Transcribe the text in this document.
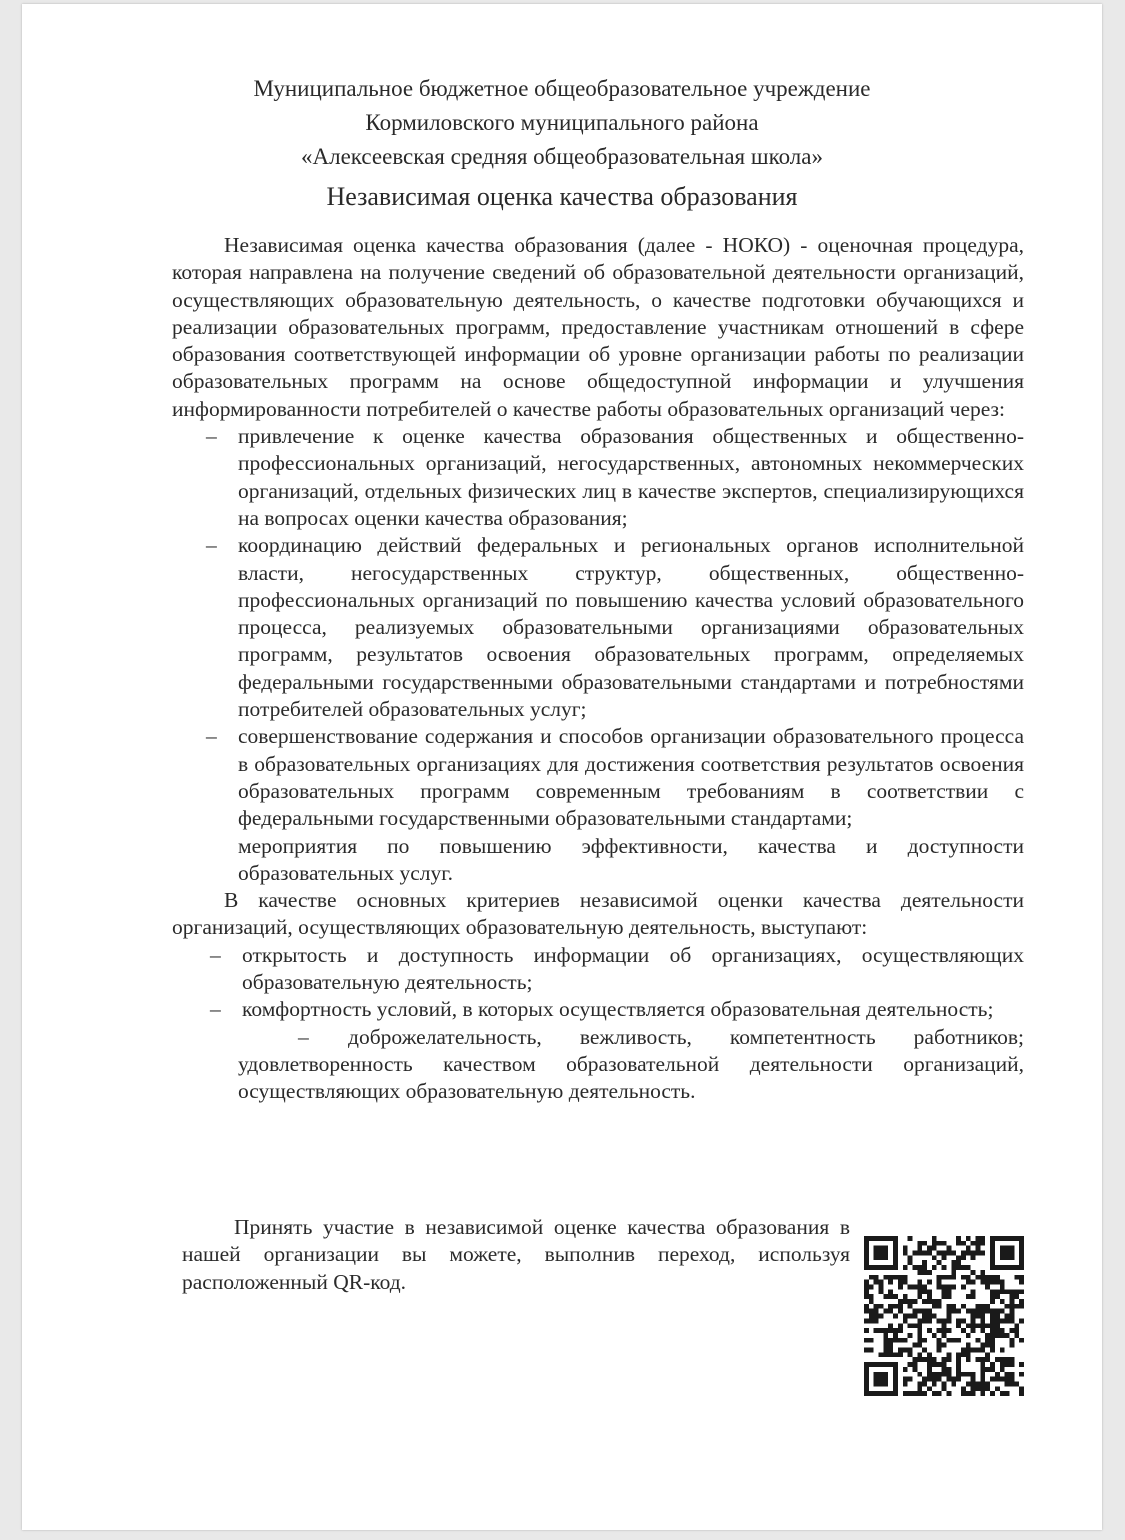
Муниципальное бюджетное общеобразовательное учреждение
Кормиловского муниципального района
«Алексеевская средняя общеобразовательная школа»
Независимая оценка качества образования

Независимая оценка качества образования (далее - НОКО) - оценочная процедура, которая направлена на получение сведений об образовательной деятельности организаций, осуществляющих образовательную деятельность, о качестве подготовки обучающихся и реализации образовательных программ, предоставление участникам отношений в сфере образования соответствующей информации об уровне организации работы по реализации образовательных программ на основе общедоступной информации и улучшения информированности потребителей о качестве работы образовательных организаций через:

– привлечение к оценке качества образования общественных и общественно-профессиональных организаций, негосударственных, автономных некоммерческих организаций, отдельных физических лиц в качестве экспертов, специализирующихся на вопросах оценки качества образования;
– координацию действий федеральных и региональных органов исполнительной власти, негосударственных структур, общественных, общественно-профессиональных организаций по повышению качества условий образовательного процесса, реализуемых образовательными организациями образовательных программ, результатов освоения образовательных программ, определяемых федеральными государственными образовательными стандартами и потребностями потребителей образовательных услуг;
– совершенствование содержания и способов организации образовательного процесса в образовательных организациях для достижения соответствия результатов освоения образовательных программ современным требованиям в соответствии с федеральными государственными образовательными стандартами;
мероприятия по повышению эффективности, качества и доступности образовательных услуг.

В качестве основных критериев независимой оценки качества деятельности организаций, осуществляющих образовательную деятельность, выступают:

– открытость и доступность информации об организациях, осуществляющих образовательную деятельность;
– комфортность условий, в которых осуществляется образовательная деятельность;
– доброжелательность, вежливость, компетентность работников; удовлетворенность качеством образовательной деятельности организаций, осуществляющих образовательную деятельность.

Принять участие в независимой оценке качества образования в нашей организации вы можете, выполнив переход, используя расположенный QR-код.
